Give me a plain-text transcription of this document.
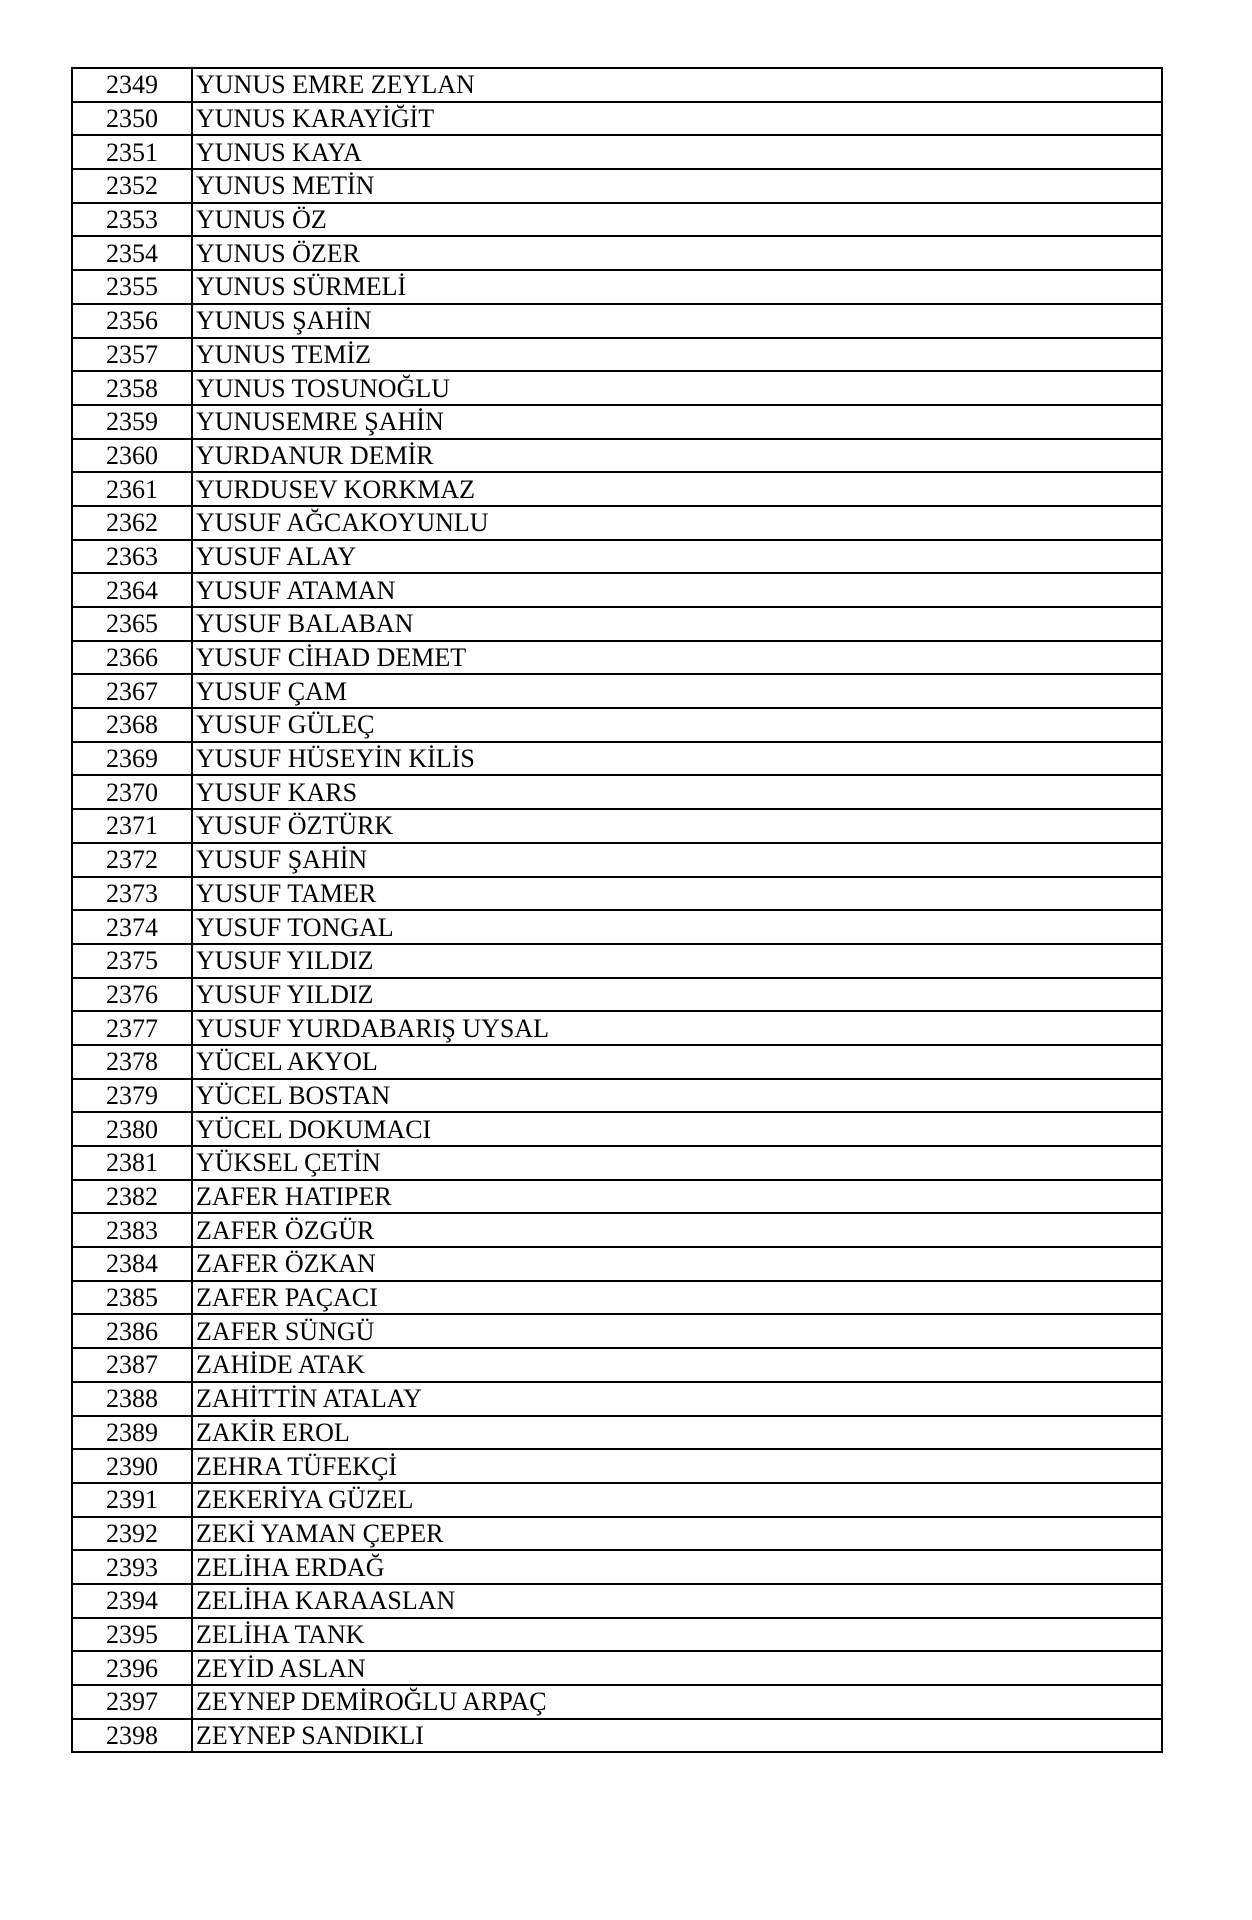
2349	YUNUS EMRE ZEYLAN
2350	YUNUS KARAYİĞİT
2351	YUNUS KAYA
2352	YUNUS METİN
2353	YUNUS ÖZ
2354	YUNUS ÖZER
2355	YUNUS SÜRMELİ
2356	YUNUS ŞAHİN
2357	YUNUS TEMİZ
2358	YUNUS TOSUNOĞLU
2359	YUNUSEMRE ŞAHİN
2360	YURDANUR DEMİR
2361	YURDUSEV KORKMAZ
2362	YUSUF AĞCAKOYUNLU
2363	YUSUF ALAY
2364	YUSUF ATAMAN
2365	YUSUF BALABAN
2366	YUSUF CİHAD DEMET
2367	YUSUF ÇAM
2368	YUSUF GÜLEÇ
2369	YUSUF HÜSEYİN KİLİS
2370	YUSUF KARS
2371	YUSUF ÖZTÜRK
2372	YUSUF ŞAHİN
2373	YUSUF TAMER
2374	YUSUF TONGAL
2375	YUSUF YILDIZ
2376	YUSUF YILDIZ
2377	YUSUF YURDABARIŞ UYSAL
2378	YÜCEL AKYOL
2379	YÜCEL BOSTAN
2380	YÜCEL DOKUMACI
2381	YÜKSEL ÇETİN
2382	ZAFER HATIPER
2383	ZAFER ÖZGÜR
2384	ZAFER ÖZKAN
2385	ZAFER PAÇACI
2386	ZAFER SÜNGÜ
2387	ZAHİDE ATAK
2388	ZAHİTTİN ATALAY
2389	ZAKİR EROL
2390	ZEHRA TÜFEKÇİ
2391	ZEKERİYA GÜZEL
2392	ZEKİ YAMAN ÇEPER
2393	ZELİHA ERDAĞ
2394	ZELİHA KARAASLAN
2395	ZELİHA TANK
2396	ZEYİD ASLAN
2397	ZEYNEP DEMİROĞLU ARPAÇ
2398	ZEYNEP SANDIKLI
